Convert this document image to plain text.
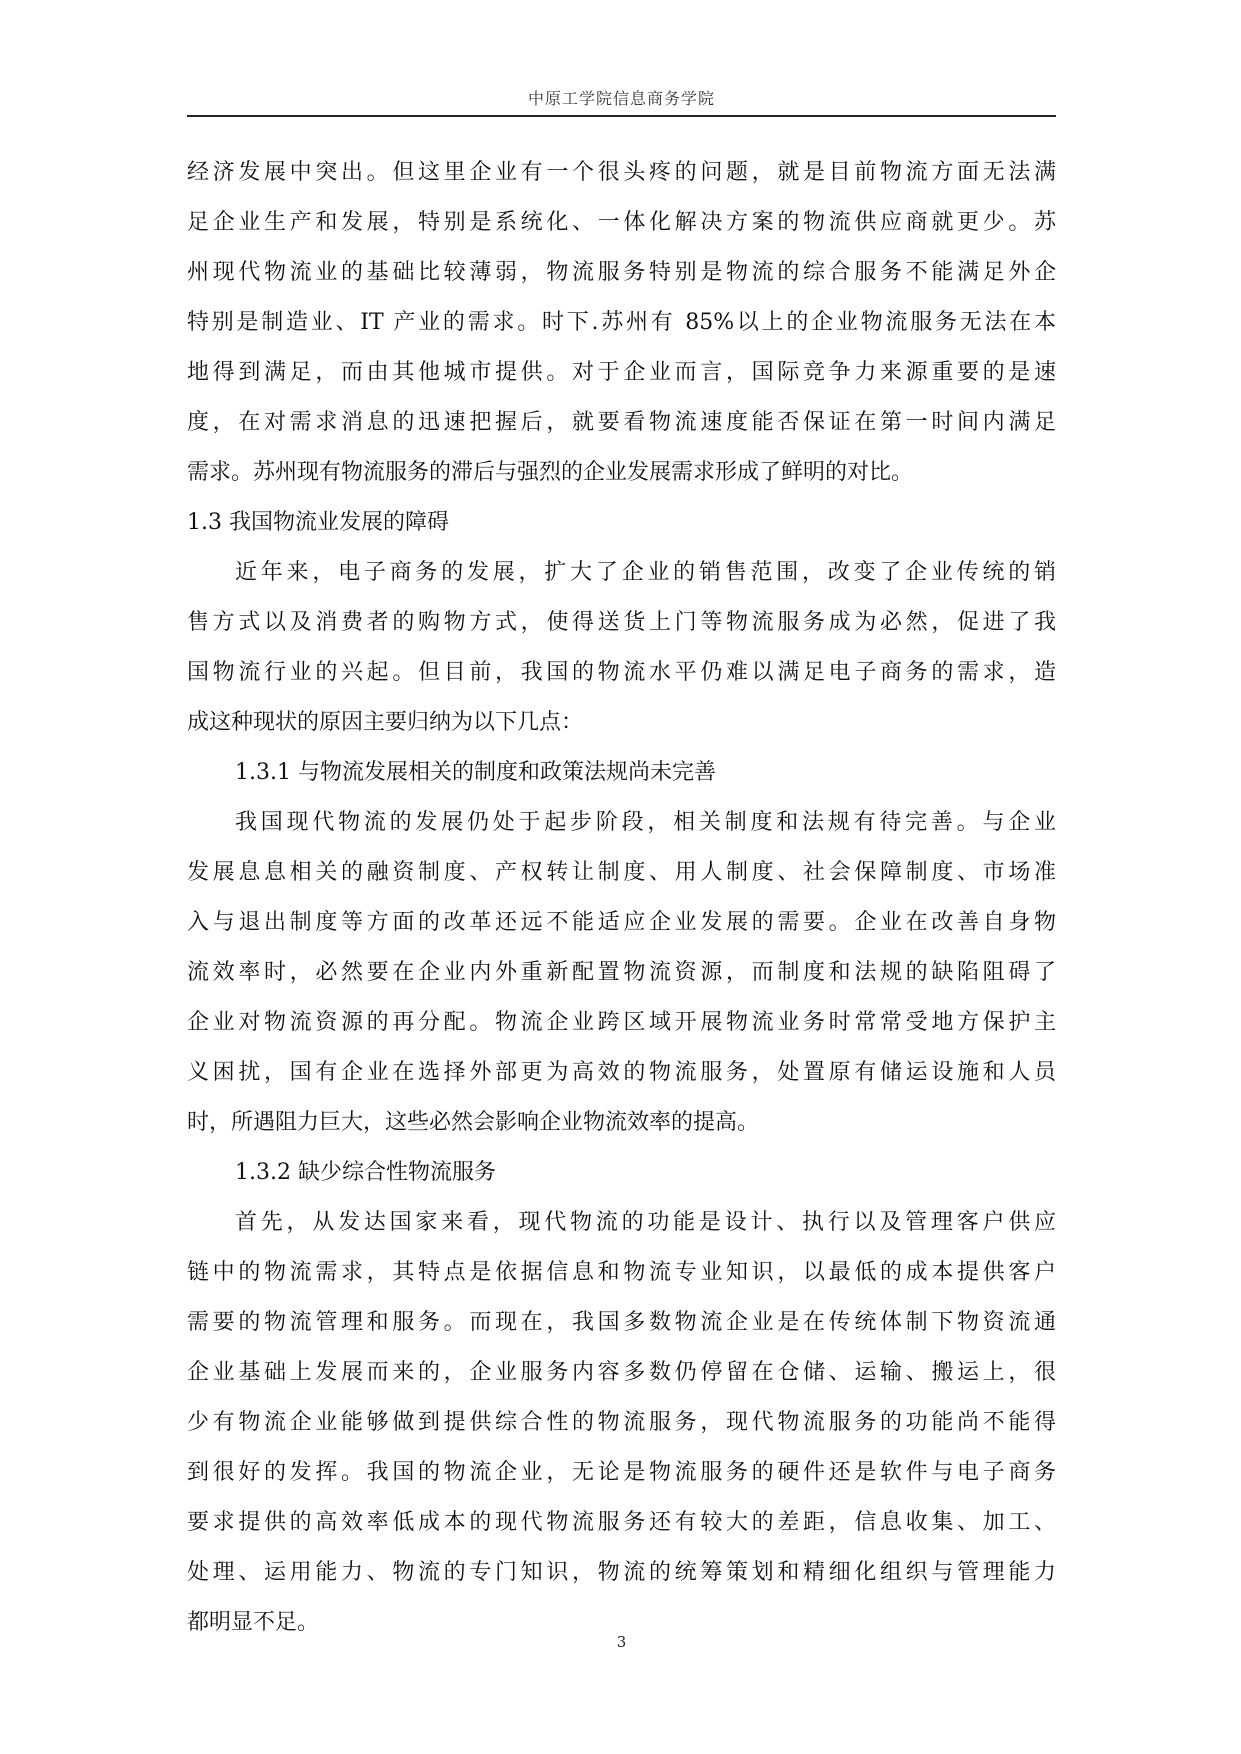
中原工学院信息商务学院
经济发展中突出。但这里企业有一个很头疼的问题，就是目前物流方面无法满
足企业生产和发展，特别是系统化、一体化解决方案的物流供应商就更少。苏
州现代物流业的基础比较薄弱，物流服务特别是物流的综合服务不能满足外企
特别是制造业、IT 产业的需求。时下.苏州有 85%以上的企业物流服务无法在本
地得到满足，而由其他城市提供。对于企业而言，国际竞争力来源重要的是速
度，在对需求消息的迅速把握后，就要看物流速度能否保证在第一时间内满足
需求。苏州现有物流服务的滞后与强烈的企业发展需求形成了鲜明的对比。
1.3 我国物流业发展的障碍
近年来，电子商务的发展，扩大了企业的销售范围，改变了企业传统的销
售方式以及消费者的购物方式，使得送货上门等物流服务成为必然，促进了我
国物流行业的兴起。但目前，我国的物流水平仍难以满足电子商务的需求，造
成这种现状的原因主要归纳为以下几点：
1.3.1 与物流发展相关的制度和政策法规尚未完善
我国现代物流的发展仍处于起步阶段，相关制度和法规有待完善。与企业
发展息息相关的融资制度、产权转让制度、用人制度、社会保障制度、市场准
入与退出制度等方面的改革还远不能适应企业发展的需要。企业在改善自身物
流效率时，必然要在企业内外重新配置物流资源，而制度和法规的缺陷阻碍了
企业对物流资源的再分配。物流企业跨区域开展物流业务时常常受地方保护主
义困扰，国有企业在选择外部更为高效的物流服务，处置原有储运设施和人员
时，所遇阻力巨大，这些必然会影响企业物流效率的提高。
1.3.2 缺少综合性物流服务
首先，从发达国家来看，现代物流的功能是设计、执行以及管理客户供应
链中的物流需求，其特点是依据信息和物流专业知识，以最低的成本提供客户
需要的物流管理和服务。而现在，我国多数物流企业是在传统体制下物资流通
企业基础上发展而来的，企业服务内容多数仍停留在仓储、运输、搬运上，很
少有物流企业能够做到提供综合性的物流服务，现代物流服务的功能尚不能得
到很好的发挥。我国的物流企业，无论是物流服务的硬件还是软件与电子商务
要求提供的高效率低成本的现代物流服务还有较大的差距，信息收集、加工、
处理、运用能力、物流的专门知识，物流的统筹策划和精细化组织与管理能力
都明显不足。
3
